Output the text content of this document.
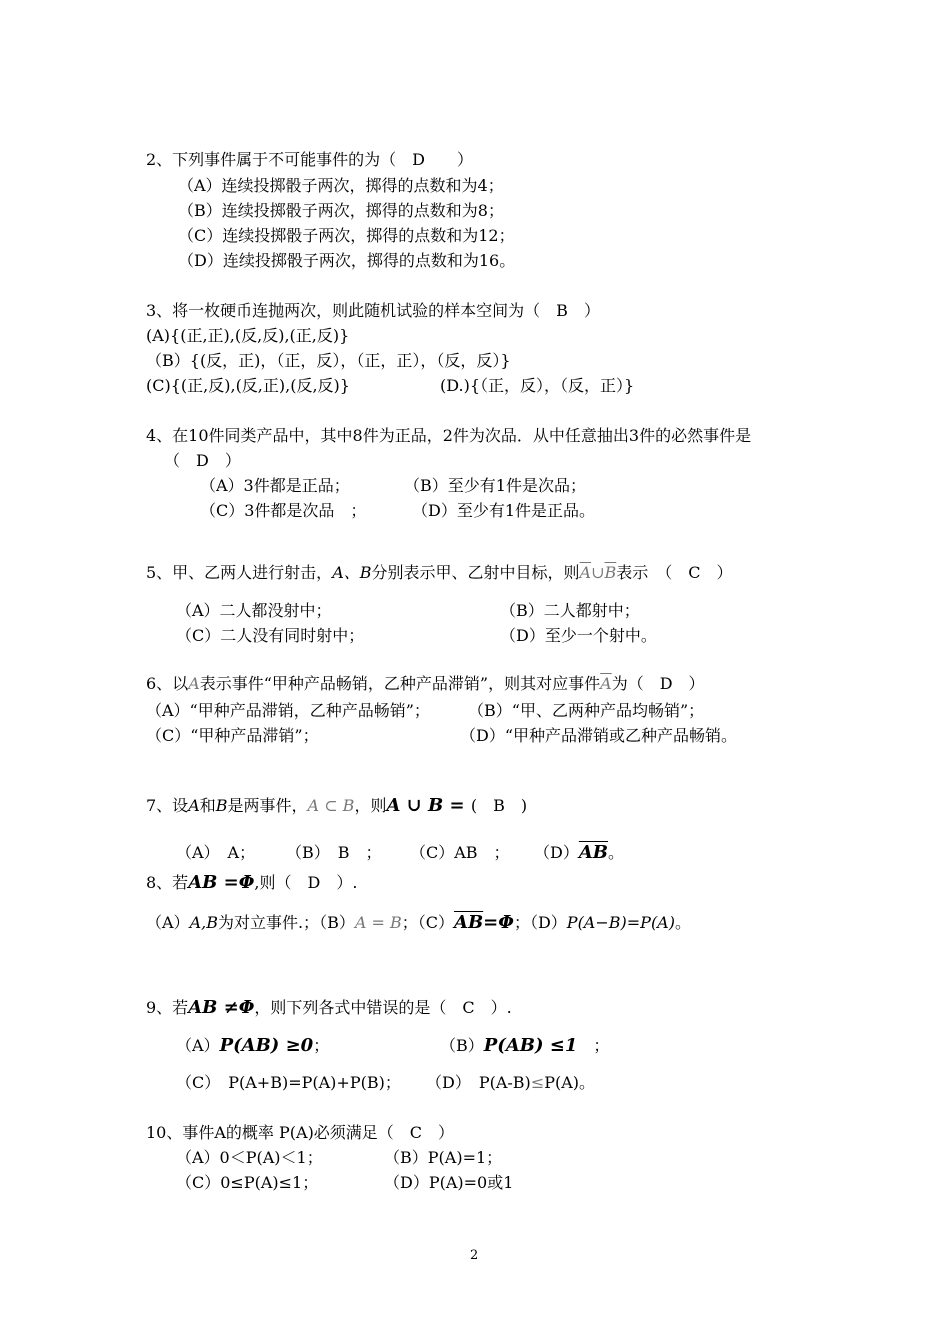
2、下列事件属于不可能事件的为（　D　　）
（A）连续投掷骰子两次，掷得的点数和为4；
（B）连续投掷骰子两次，掷得的点数和为8；
（C）连续投掷骰子两次，掷得的点数和为12；
（D）连续投掷骰子两次，掷得的点数和为16。
3、将一枚硬币连抛两次，则此随机试验的样本空间为（　B　）
(A){(正,正),(反,反),(正,反)}
（B）{(反，正)，（正，反），（正，正），（反，反）}
(C){(正,反),(反,正),(反,反)}	(D.){（正，反），（反，正）}
4、在10件同类产品中，其中8件为正品，2件为次品．从中任意抽出3件的必然事件是
（　D　）
（A）3件都是正品；	（B）至少有1件是次品；
（C）3件都是次品　；	（D）至少有1件是正品。
5、甲、乙两人进行射击，A、B分别表示甲、乙射中目标，则$\overline{A}\cup\overline{B}$表示　（　C　）
（A）二人都没射中；	（B）二人都射中；
（C）二人没有同时射中；	（D）至少一个射中。
6、以A表示事件“甲种产品畅销，乙种产品滞销”，则其对应事件$\overline{A}$为（　D　）
（A）“甲种产品滞销，乙种产品畅销”； （B）“甲、乙两种产品均畅销”；
（C）“甲种产品滞销”；	（D）“甲种产品滞销或乙种产品畅销。
7、设A和B是两事件，A ⊂ B，则A ∪ B = (　B　)
（A）　A； （B）　B　； （C）AB　； $(D)\overline{AB}$。
8、若AB =Φ,则（　D　）.
（A）A,B为对立事件.；（B）A = B；$(C)\overline{AB}=\Phi$；（D）P(A−B)=P(A)。
9、若AB ≠Φ，则下列各式中错误的是（　C　）.
（A）P(AB) ≥0；	（B）P(AB) ≤1　；
（C）　P(A+B)=P(A)+P(B)； （D）　P(A-B)≤P(A)。
10、事件A的概率 P(A)必须满足（　C　）
（A）0＜P(A)＜1；	（B）P(A)=1；
（C）0≤P(A)≤1；	（D）P(A)=0或1
2
